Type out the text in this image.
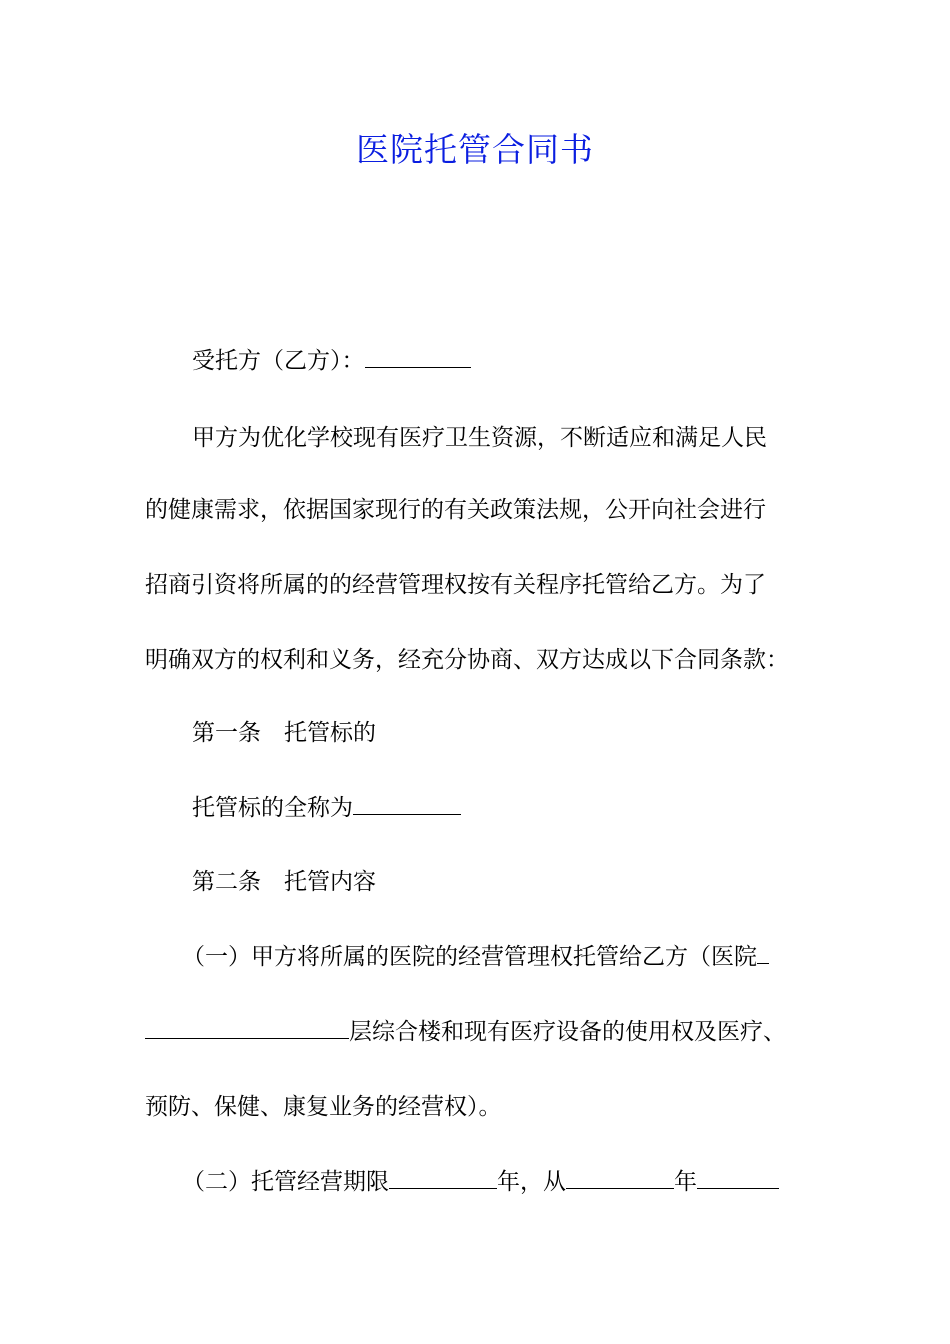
医院托管合同书
受托方（乙方）：
甲方为优化学校现有医疗卫生资源，不断适应和满足人民
的健康需求，依据国家现行的有关政策法规，公开向社会进行
招商引资将所属的的经营管理权按有关程序托管给乙方。为了
明确双方的权利和义务，经充分协商、双方达成以下合同条款：
第一条　托管标的
托管标的全称为
第二条　托管内容
（一）甲方将所属的医院的经营管理权托管给乙方（医院
层综合楼和现有医疗设备的使用权及医疗、
预防、保健、康复业务的经营权）。
（二）托管经营期限	年，从	年
